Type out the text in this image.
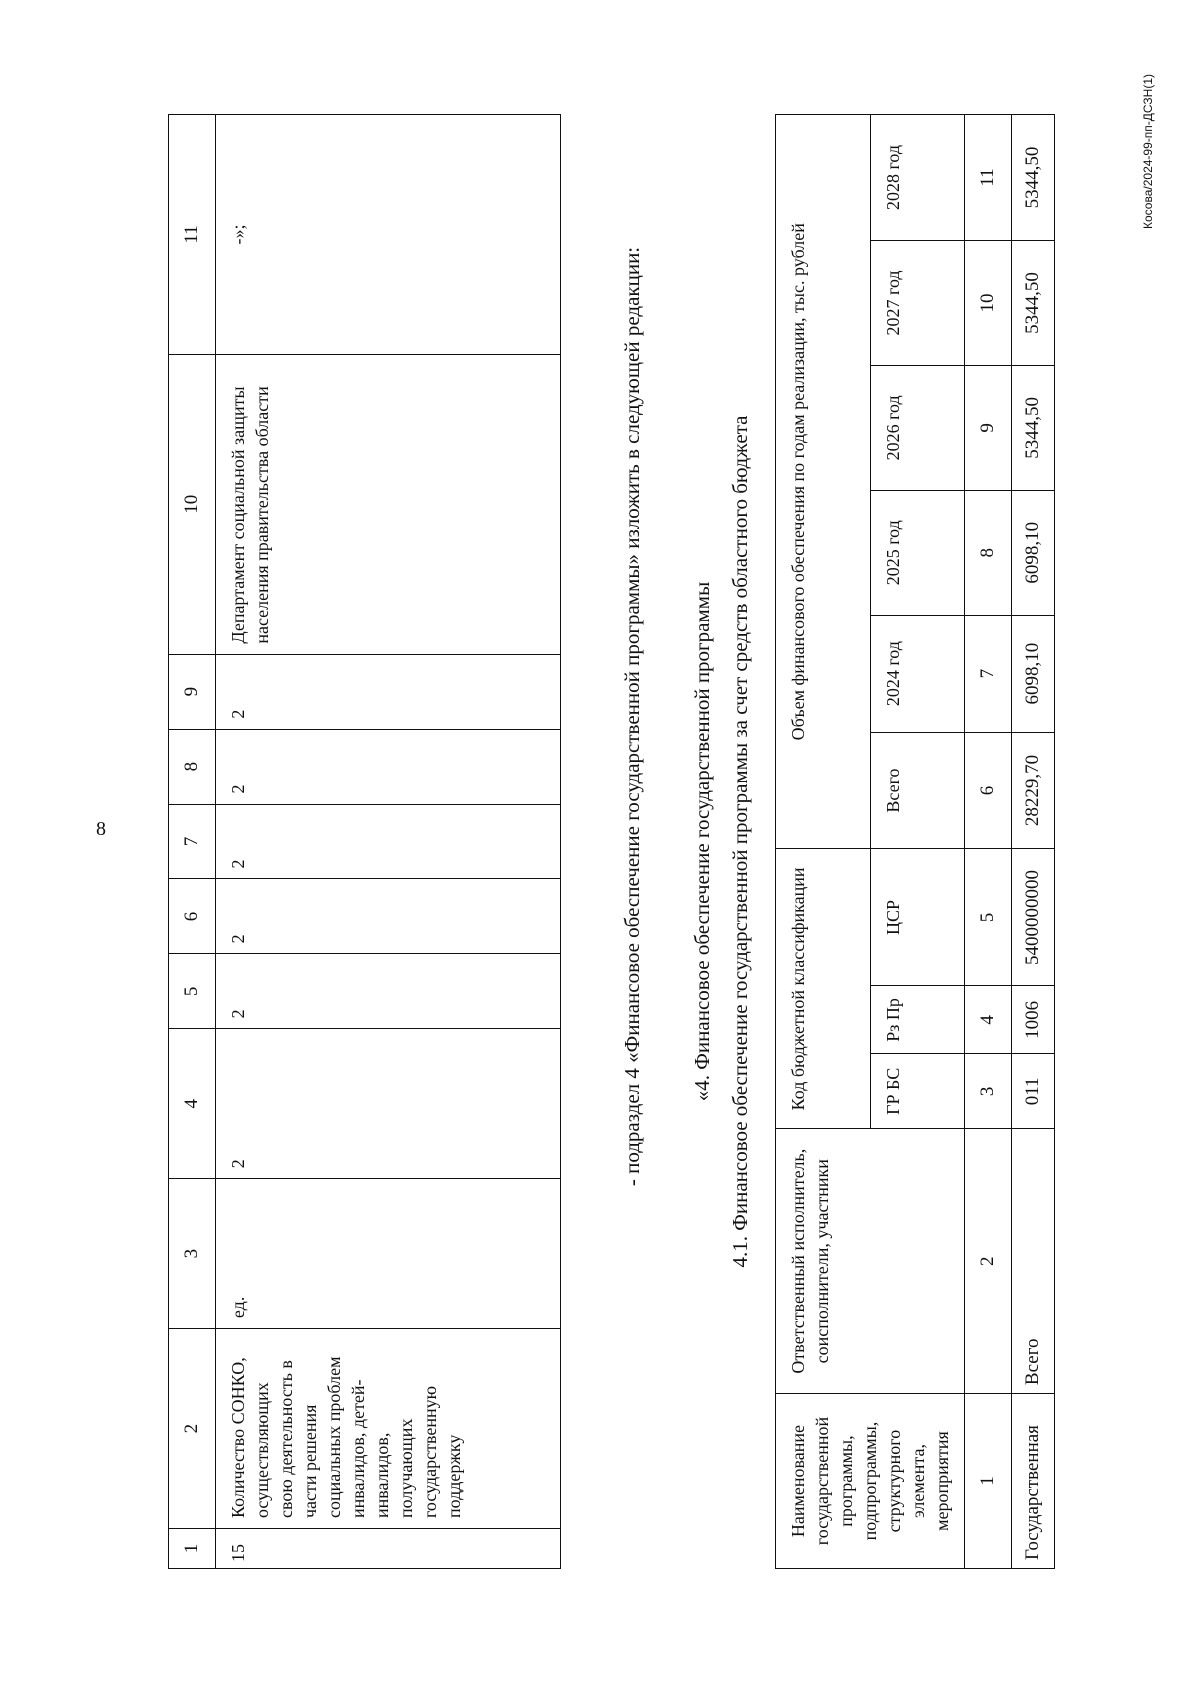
8
1	2	3	4	5	6	7	8	9	10	11
15	Количество СОНКО, осуществляющих свою деятельность в части решения социальных проблем инвалидов, детей-инвалидов, получающих государственную поддержку	ед.	2	2	2	2	2	2	Департамент социальной защиты населения правительства области	-»;
- подраздел 4 «Финансовое обеспечение государственной программы» изложить в следующей редакции: «4. Финансовое обеспечение государственной программы 4.1. Финансовое обеспечение государственной программы за счет средств областного бюджета
Наименование государственной программы, подпрограммы, структурного элемента, мероприятия	Ответственный исполнитель, соисполнители, участники	Код бюджетной классификации			Объем финансового обеспечения по годам реализации, тыс. рублей					
		ГР БС	Рз Пр	ЦСР	Всего	2024 год	2025 год	2026 год	2027 год	2028 год
1	2	3	4	5	6	7	8	9	10	11
Государственная	Всего	011	1006	5400000000	28229,70	6098,10	6098,10	5344,50	5344,50	5344,50	Косова/2024-99-пп-ДСЗН(1)
